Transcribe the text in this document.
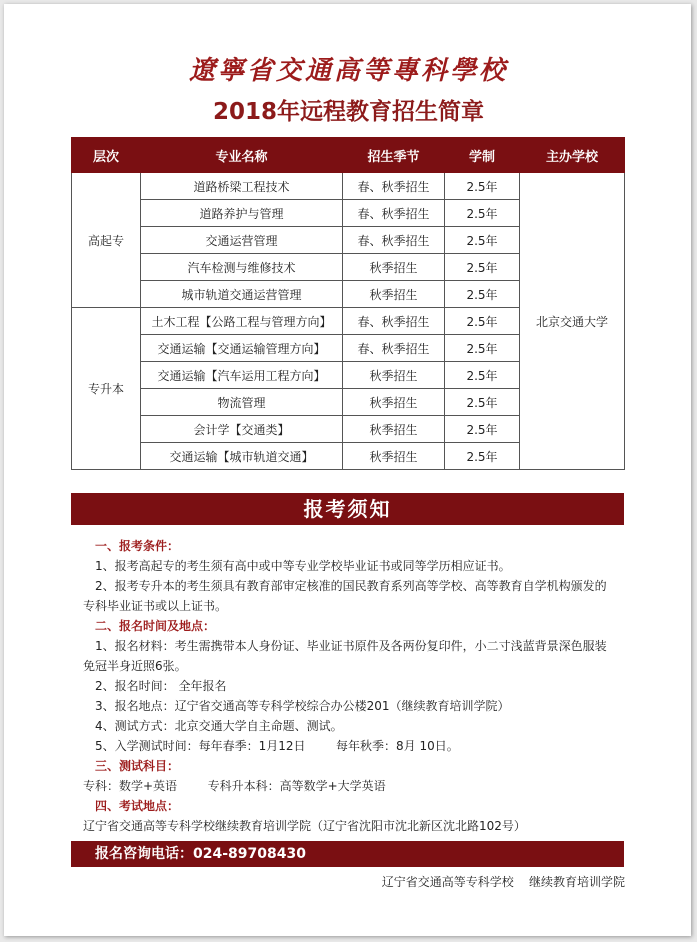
遼寧省交通高等專科學校
2018年远程教育招生简章
层次	专业名称	招生季节	学制	主办学校
高起专	道路桥梁工程技术	春、秋季招生	2.5年	北京交通大学
	道路养护与管理	春、秋季招生	2.5年	
	交通运营管理	春、秋季招生	2.5年	
	汽车检测与维修技术	秋季招生	2.5年	
	城市轨道交通运营管理	秋季招生	2.5年	
专升本	土木工程【公路工程与管理方向】	春、秋季招生	2.5年	
	交通运输【交通运输管理方向】	春、秋季招生	2.5年	
	交通运输【汽车运用工程方向】	秋季招生	2.5年	
	物流管理	秋季招生	2.5年	
	会计学【交通类】	秋季招生	2.5年	
	交通运输【城市轨道交通】	秋季招生	2.5年	
报考须知

一、报考条件：

1、报考高起专的考生须有高中或中等专业学校毕业证书或同等学历相应证书。

2、报考专升本的考生须具有教育部审定核准的国民教育系列高等学校、高等教育自学机构颁发的

专科毕业证书或以上证书。

二、报名时间及地点：

1、报名材料：考生需携带本人身份证、毕业证书原件及各两份复印件，小二寸浅蓝背景深色服装

免冠半身近照6张。

2、报名时间： 全年报名

3、报名地点：辽宁省交通高等专科学校综合办公楼201（继续教育培训学院）

4、测试方式：北京交通大学自主命题、测试。

5、入学测试时间：每年春季：1月12日        每年秋季：8月 10日。

三、测试科目：

专科：数学+英语        专科升本科：高等数学+大学英语

四、考试地点：

辽宁省交通高等专科学校继续教育培训学院（辽宁省沈阳市沈北新区沈北路102号）

报名咨询电话：024-89708430
辽宁省交通高等专科学校    继续教育培训学院
